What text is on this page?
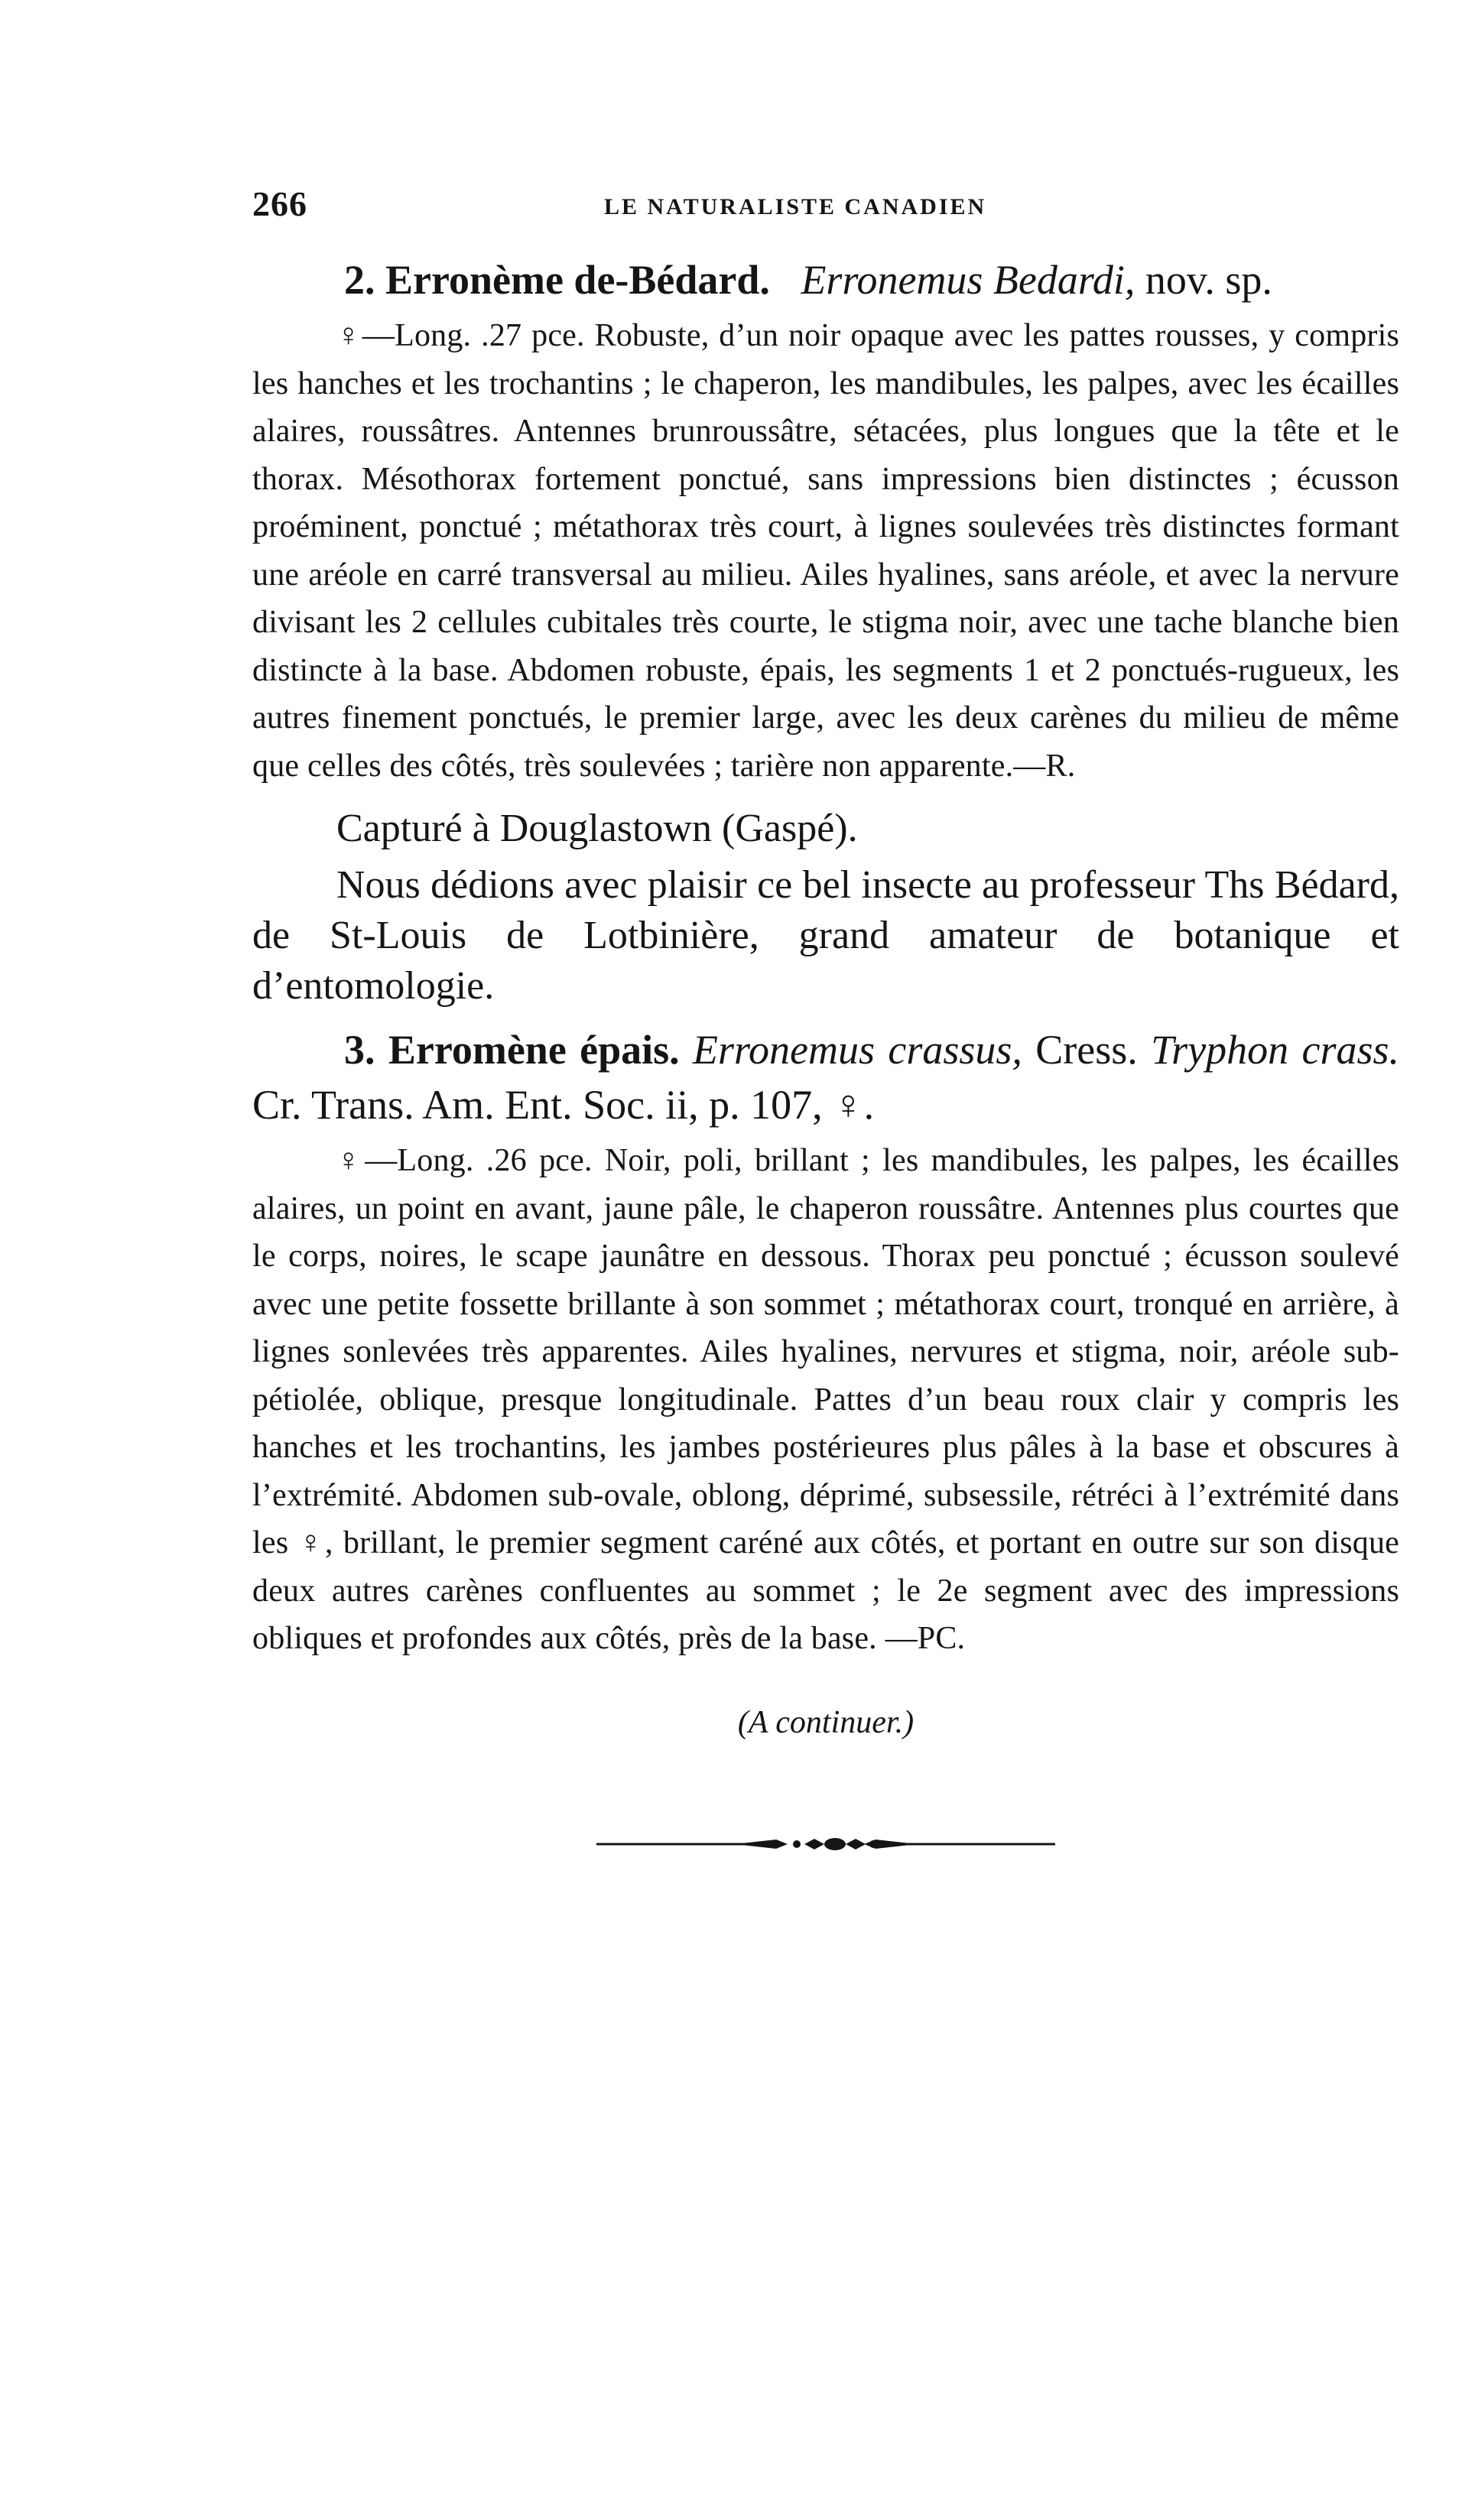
266	LE NATURALISTE CANADIEN

2. Erronème de-Bédard. Erronemus Bedardi, nov. sp.

♀—Long. .27 pce. Robuste, d’un noir opaque avec les pattes rousses, y compris les hanches et les trochantins ; le chaperon, les mandibules, les palpes, avec les écailles alaires, roussâtres. Antennes brunroussâtre, sétacées, plus longues que la tête et le thorax. Mésothorax fortement ponctué, sans impressions bien distinctes ; écusson proéminent, ponctué ; métathorax très court, à lignes soulevées très distinctes formant une aréole en carré transversal au milieu. Ailes hyalines, sans aréole, et avec la nervure divisant les 2 cellules cubitales très courte, le stigma noir, avec une tache blanche bien distincte à la base. Abdomen robuste, épais, les segments 1 et 2 ponctués-rugueux, les autres finement ponctués, le premier large, avec les deux carènes du milieu de même que celles des côtés, très soulevées ; tarière non apparente.—R.

Capturé à Douglastown (Gaspé).

Nous dédions avec plaisir ce bel insecte au professeur Ths Bédard, de St-Louis de Lotbinière, grand amateur de botanique et d’entomologie.

3. Erromène épais. Erronemus crassus, Cress. Tryphon crass. Cr. Trans. Am. Ent. Soc. ii, p. 107, ♀.

♀—Long. .26 pce. Noir, poli, brillant ; les mandibules, les palpes, les écailles alaires, un point en avant, jaune pâle, le chaperon roussâtre. Antennes plus courtes que le corps, noires, le scape jaunâtre en dessous. Thorax peu ponctué ; écusson soulevé avec une petite fossette brillante à son sommet ; métathorax court, tronqué en arrière, à lignes sonlevées très apparentes. Ailes hyalines, nervures et stigma, noir, aréole sub-pétiolée, oblique, presque longitudinale. Pattes d’un beau roux clair y compris les hanches et les trochantins, les jambes postérieures plus pâles à la base et obscures à l’extrémité. Abdomen sub-ovale, oblong, déprimé, subsessile, rétréci à l’extrémité dans les ♀, brillant, le premier segment caréné aux côtés, et portant en outre sur son disque deux autres carènes confluentes au sommet ; le 2e segment avec des impressions obliques et profondes aux côtés, près de la base. —PC.

(A continuer.)
